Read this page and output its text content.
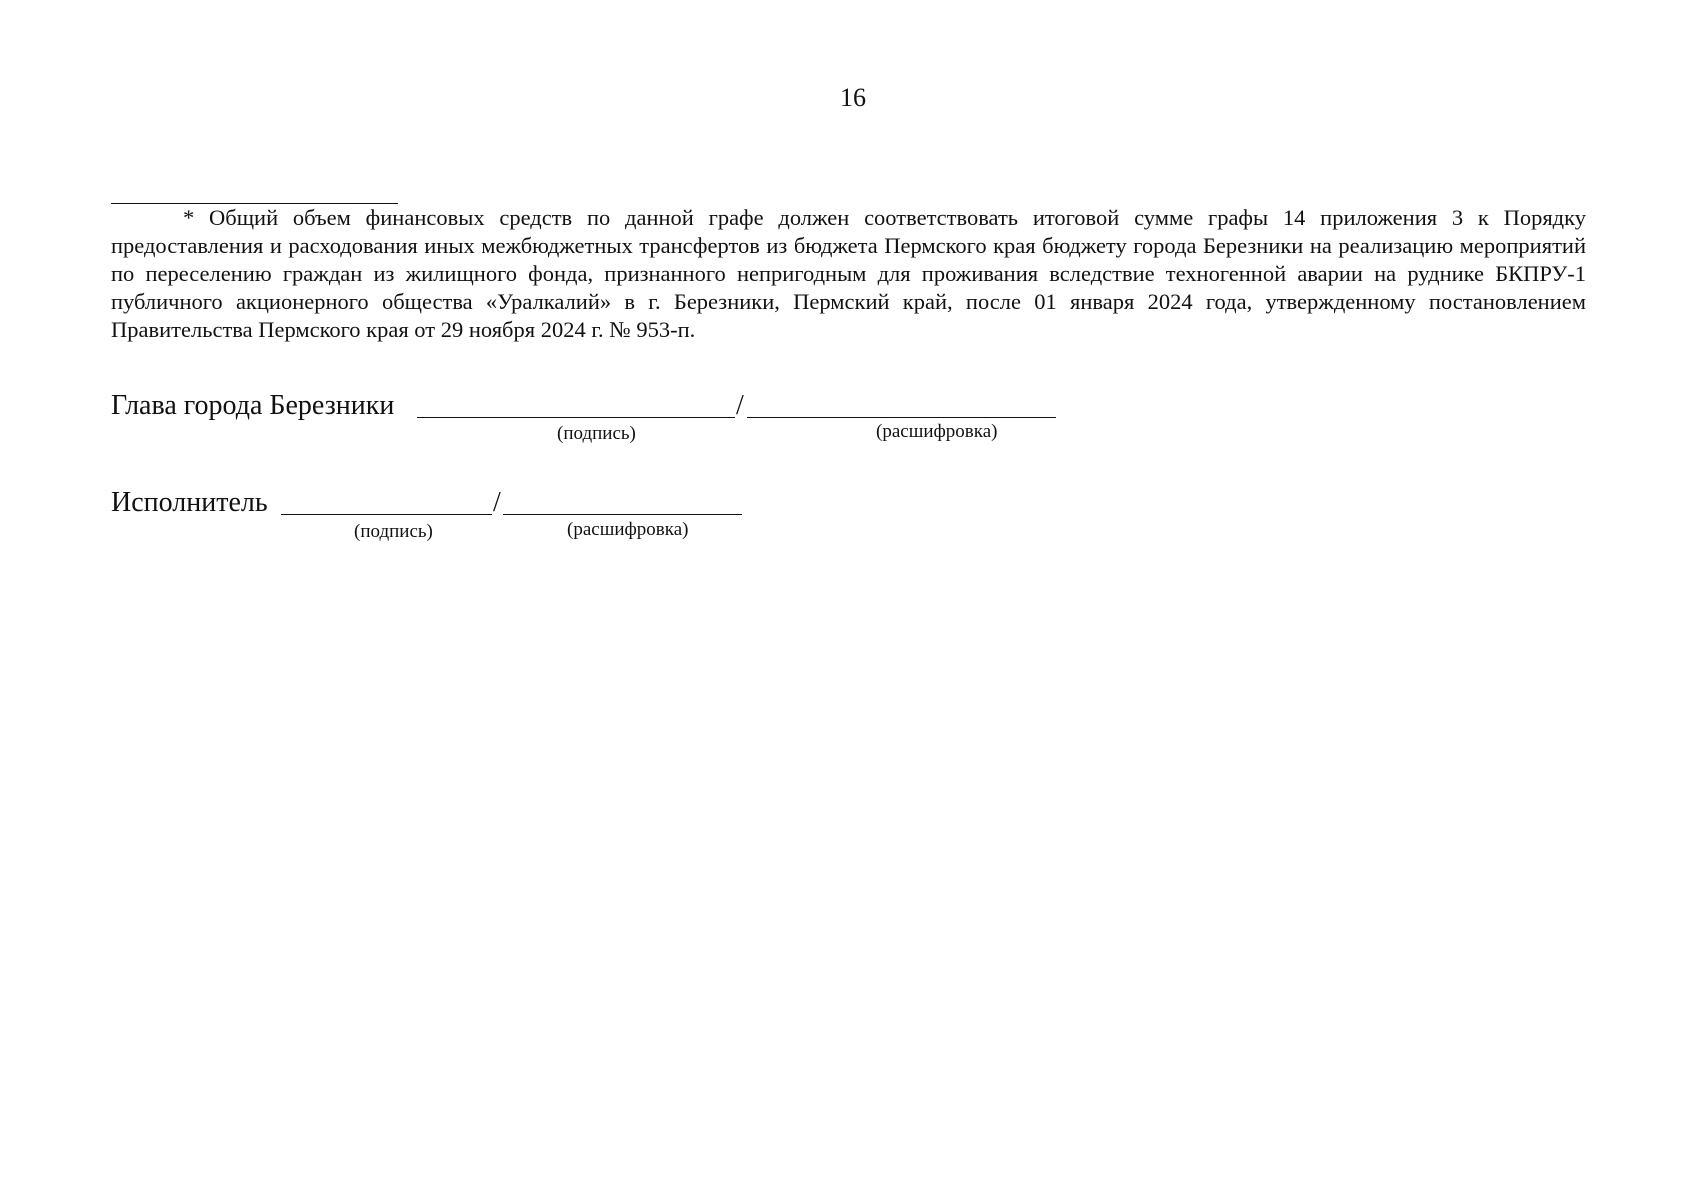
16

* Общий объем финансовых средств по данной графе должен соответствовать итоговой сумме графы 14 приложения 3 к Порядку предоставления и расходования иных межбюджетных трансфертов из бюджета Пермского края бюджету города Березники на реализацию мероприятий по переселению граждан из жилищного фонда, признанного непригодным для проживания вследствие техногенной аварии на руднике БКПРУ-1 публичного акционерного общества «Уралкалий» в г. Березники, Пермский край, после 01 января 2024 года, утвержденному постановлением Правительства Пермского края от 29 ноября 2024 г. № 953-п.

Глава города Березники	/
(подпись)	(расшифровка)
Исполнитель	/
(подпись)	(расшифровка)
